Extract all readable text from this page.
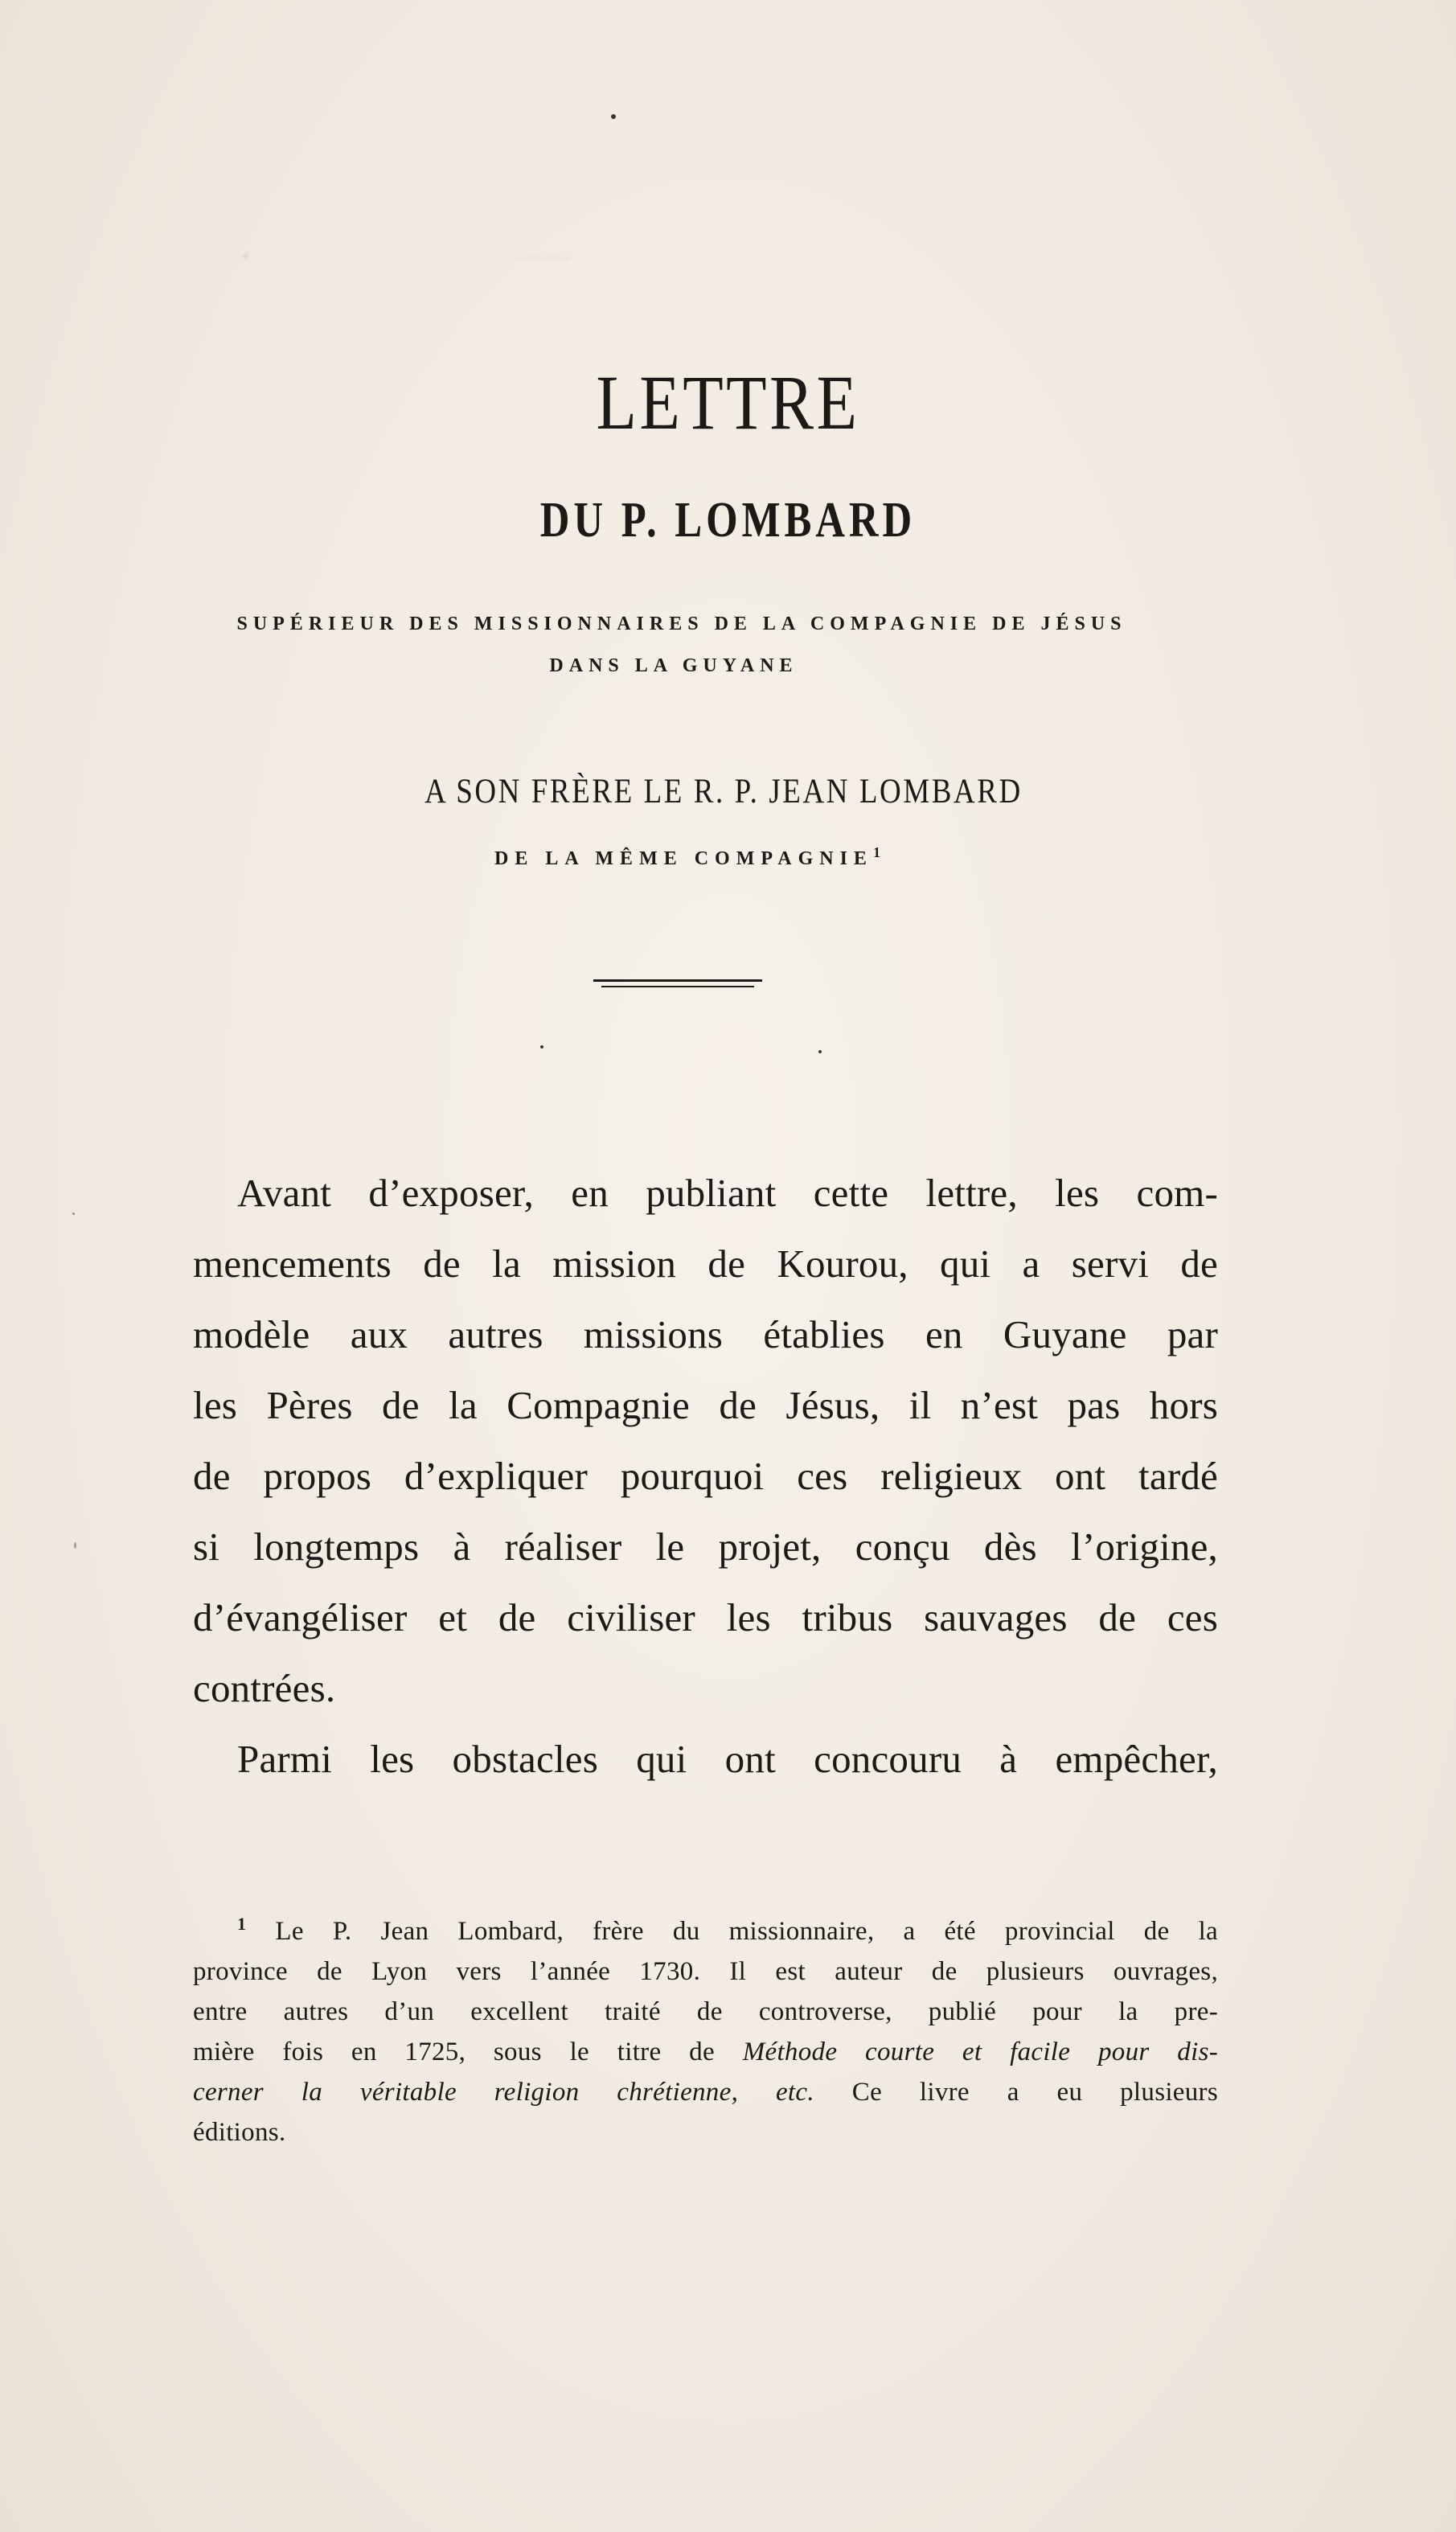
•                               ——
LETTRE
DU P. LOMBARD
SUPÉRIEUR DES MISSIONNAIRES DE LA COMPAGNIE DE JÉSUS
DANS LA GUYANE
A SON FRÈRE LE R. P. JEAN LOMBARD
DE LA MÊME COMPAGNIE$^1$
Avant d’exposer, en publiant cette lettre, les com-
mencements de la mission de Kourou, qui a servi de
modèle aux autres missions établies en Guyane par
les Pères de la Compagnie de Jésus, il n’est pas hors
de propos d’expliquer pourquoi ces religieux ont tardé
si longtemps à réaliser le projet, conçu dès l’origine,
d’évangéliser et de civiliser les tribus sauvages de ces
contrées.
Parmi les obstacles qui ont concouru à empêcher,
$^1$ Le P. Jean Lombard, frère du missionnaire, a été provincial de la
province de Lyon vers l’année 1730. Il est auteur de plusieurs ouvrages,
entre autres d’un excellent traité de controverse, publié pour la pre-
mière fois en 1725, sous le titre de Méthode courte et facile pour dis-
cerner la véritable religion chrétienne, etc. Ce livre a eu plusieurs
éditions.
